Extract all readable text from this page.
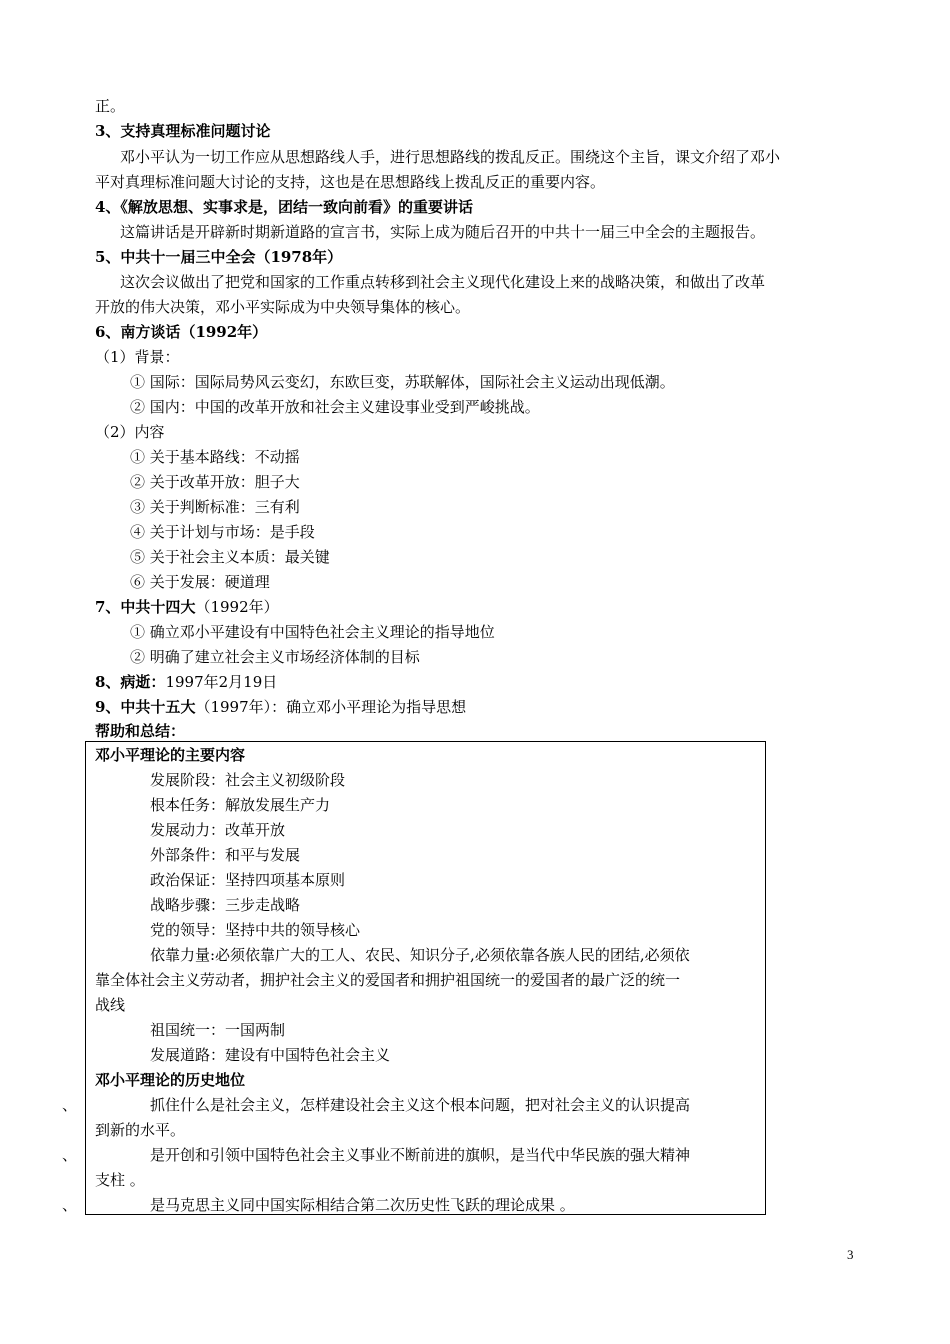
正。
3、支持真理标准问题讨论
邓小平认为一切工作应从思想路线人手，进行思想路线的拨乱反正。围绕这个主旨，课文介绍了邓小
平对真理标准问题大讨论的支持，这也是在思想路线上拨乱反正的重要内容。
4、《解放思想、实事求是，团结一致向前看》的重要讲话
这篇讲话是开辟新时期新道路的宣言书，实际上成为随后召开的中共十一届三中全会的主题报告。
5、中共十一届三中全会（1978年）
这次会议做出了把党和国家的工作重点转移到社会主义现代化建设上来的战略决策，和做出了改革
开放的伟大决策，邓小平实际成为中央领导集体的核心。
6、南方谈话（1992年）
（1）背景：
① 国际：国际局势风云变幻，东欧巨变，苏联解体，国际社会主义运动出现低潮。
② 国内：中国的改革开放和社会主义建设事业受到严峻挑战。
（2）内容
① 关于基本路线：不动摇
② 关于改革开放：胆子大
③ 关于判断标准：三有利
④ 关于计划与市场：是手段
⑤ 关于社会主义本质：最关键
⑥ 关于发展：硬道理
7、中共十四大（1992年）
① 确立邓小平建设有中国特色社会主义理论的指导地位
② 明确了建立社会主义市场经济体制的目标
8、病逝：1997年2月19日
9、中共十五大（1997年）：确立邓小平理论为指导思想
帮助和总结：
邓小平理论的主要内容
发展阶段：社会主义初级阶段
根本任务：解放发展生产力
发展动力：改革开放
外部条件：和平与发展
政治保证：坚持四项基本原则
战略步骤：三步走战略
党的领导：坚持中共的领导核心
依靠力量:必须依靠广大的工人、农民、知识分子,必须依靠各族人民的团结,必须依
靠全体社会主义劳动者，拥护社会主义的爱国者和拥护祖国统一的爱国者的最广泛的统一
战线
祖国统一：一国两制
发展道路：建设有中国特色社会主义
邓小平理论的历史地位
、	抓住什么是社会主义，怎样建设社会主义这个根本问题，把对社会主义的认识提高
到新的水平。
、	是开创和引领中国特色社会主义事业不断前进的旗帜，是当代中华民族的强大精神
支柱 。
、	是马克思主义同中国实际相结合第二次历史性飞跃的理论成果 。
3
